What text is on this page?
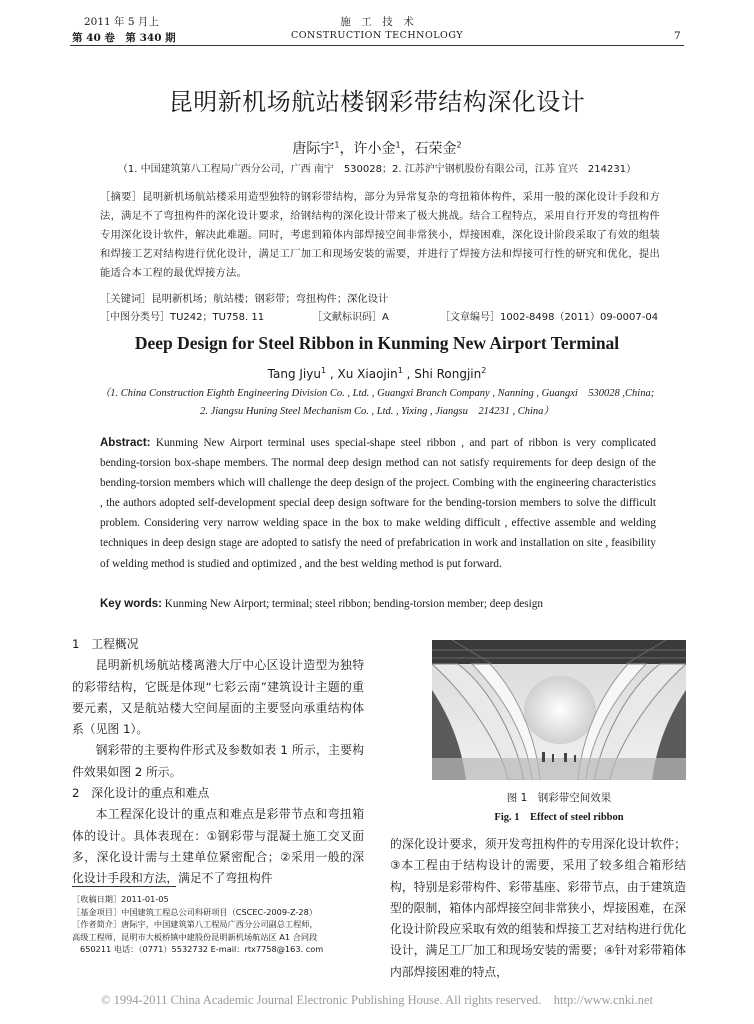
2011 年 5 月上
第 40 卷　第 340 期
施　工　技　术
CONSTRUCTION TECHNOLOGY	7
昆明新机场航站楼钢彩带结构深化设计
唐际宇$^1$，许小金$^1$，石荣金$^2$
（1. 中国建筑第八工程局广西分公司，广西 南宁　530028；2. 江苏沪宁钢机股份有限公司，江苏 宜兴　214231）
［摘要］昆明新机场航站楼采用造型独特的钢彩带结构，部分为异常复杂的弯扭箱体构件，采用一般的深化设计手段和方法，满足不了弯扭构件的深化设计要求，给钢结构的深化设计带来了极大挑战。结合工程特点，采用自行开发的弯扭构件专用深化设计软件，解决此难题。同时，考虑到箱体内部焊接空间非常狭小，焊接困难，深化设计阶段采取了有效的组装和焊接工艺对结构进行优化设计，满足工厂加工和现场安装的需要，并进行了焊接方法和焊接可行性的研究和优化，提出能适合本工程的最优焊接方法。
［关键词］昆明新机场；航站楼；钢彩带；弯扭构件；深化设计
［中图分类号］TU242；TU758. 11	［文献标识码］A	［文章编号］1002-8498（2011）09-0007-04
Deep Design for Steel Ribbon in Kunming New Airport Terminal
Tang Jiyu$^1$ , Xu Xiaojin$^1$ , Shi Rongjin$^2$
（1. China Construction Eighth Engineering Division Co. , Ltd. , Guangxi Branch Company , Nanning , Guangxi　530028 ,China;
2. Jiangsu Huning Steel Mechanism Co. , Ltd. , Yixing , Jiangsu　214231 , China）
Abstract: Kunming New Airport terminal uses special-shape steel ribbon , and part of ribbon is very complicated bending-torsion box-shape members. The normal deep design method can not satisfy requirements for deep design of the bending-torsion members which will challenge the deep design of the project. Combing with the engineering characteristics , the authors adopted self-development special deep design software for the bending-torsion members to solve the difficult problem. Considering very narrow welding space in the box to make welding difficult , effective assemble and welding techniques in deep design stage are adopted to satisfy the need of prefabrication in work and installation on site , feasibility of welding method is studied and optimized , and the best welding method is put forward.
Key words: Kunming New Airport; terminal; steel ribbon; bending-torsion member; deep design

1　工程概况

昆明新机场航站楼离港大厅中心区设计造型为独特的彩带结构，它既是体现“七彩云南”建筑设计主题的重要元素，又是航站楼大空间屋面的主要竖向承重结构体系（见图 1）。

钢彩带的主要构件形式及参数如表 1 所示，主要构件效果如图 2 所示。

2　深化设计的重点和难点

本工程深化设计的重点和难点是彩带节点和弯扭箱体的设计。具体表现在：①钢彩带与混凝土施工交叉面多，深化设计需与土建单位紧密配合；②采用一般的深化设计手段和方法，满足不了弯扭构件

图 1　钢彩带空间效果
Fig. 1　Effect of steel ribbon
的深化设计要求，须开发弯扭构件的专用深化设计软件；③本工程由于结构设计的需要，采用了较多组合箱形结构，特别是彩带构件、彩带基座、彩带节点，由于建筑造型的限制，箱体内部焊接空间非常狭小，焊接困难，在深化设计阶段应采取有效的组装和焊接工艺对结构进行优化设计，满足工厂加工和现场安装的需要；④针对彩带箱体内部焊接困难的特点，
［收稿日期］2011-01-05
［基金项目］中国建筑工程总公司科研项目（CSCEC-2009-Z-28）
［作者简介］唐际宇，中国建筑第八工程局广西分公司副总工程师，
高级工程师，昆明市大板桥镇中建股份昆明新机场航站区 A1 合同段
650211 电话：（0771）5532732 E-mail：rtx7758@163. com
© 1994-2011 China Academic Journal Electronic Publishing House. All rights reserved.　http://www.cnki.net
